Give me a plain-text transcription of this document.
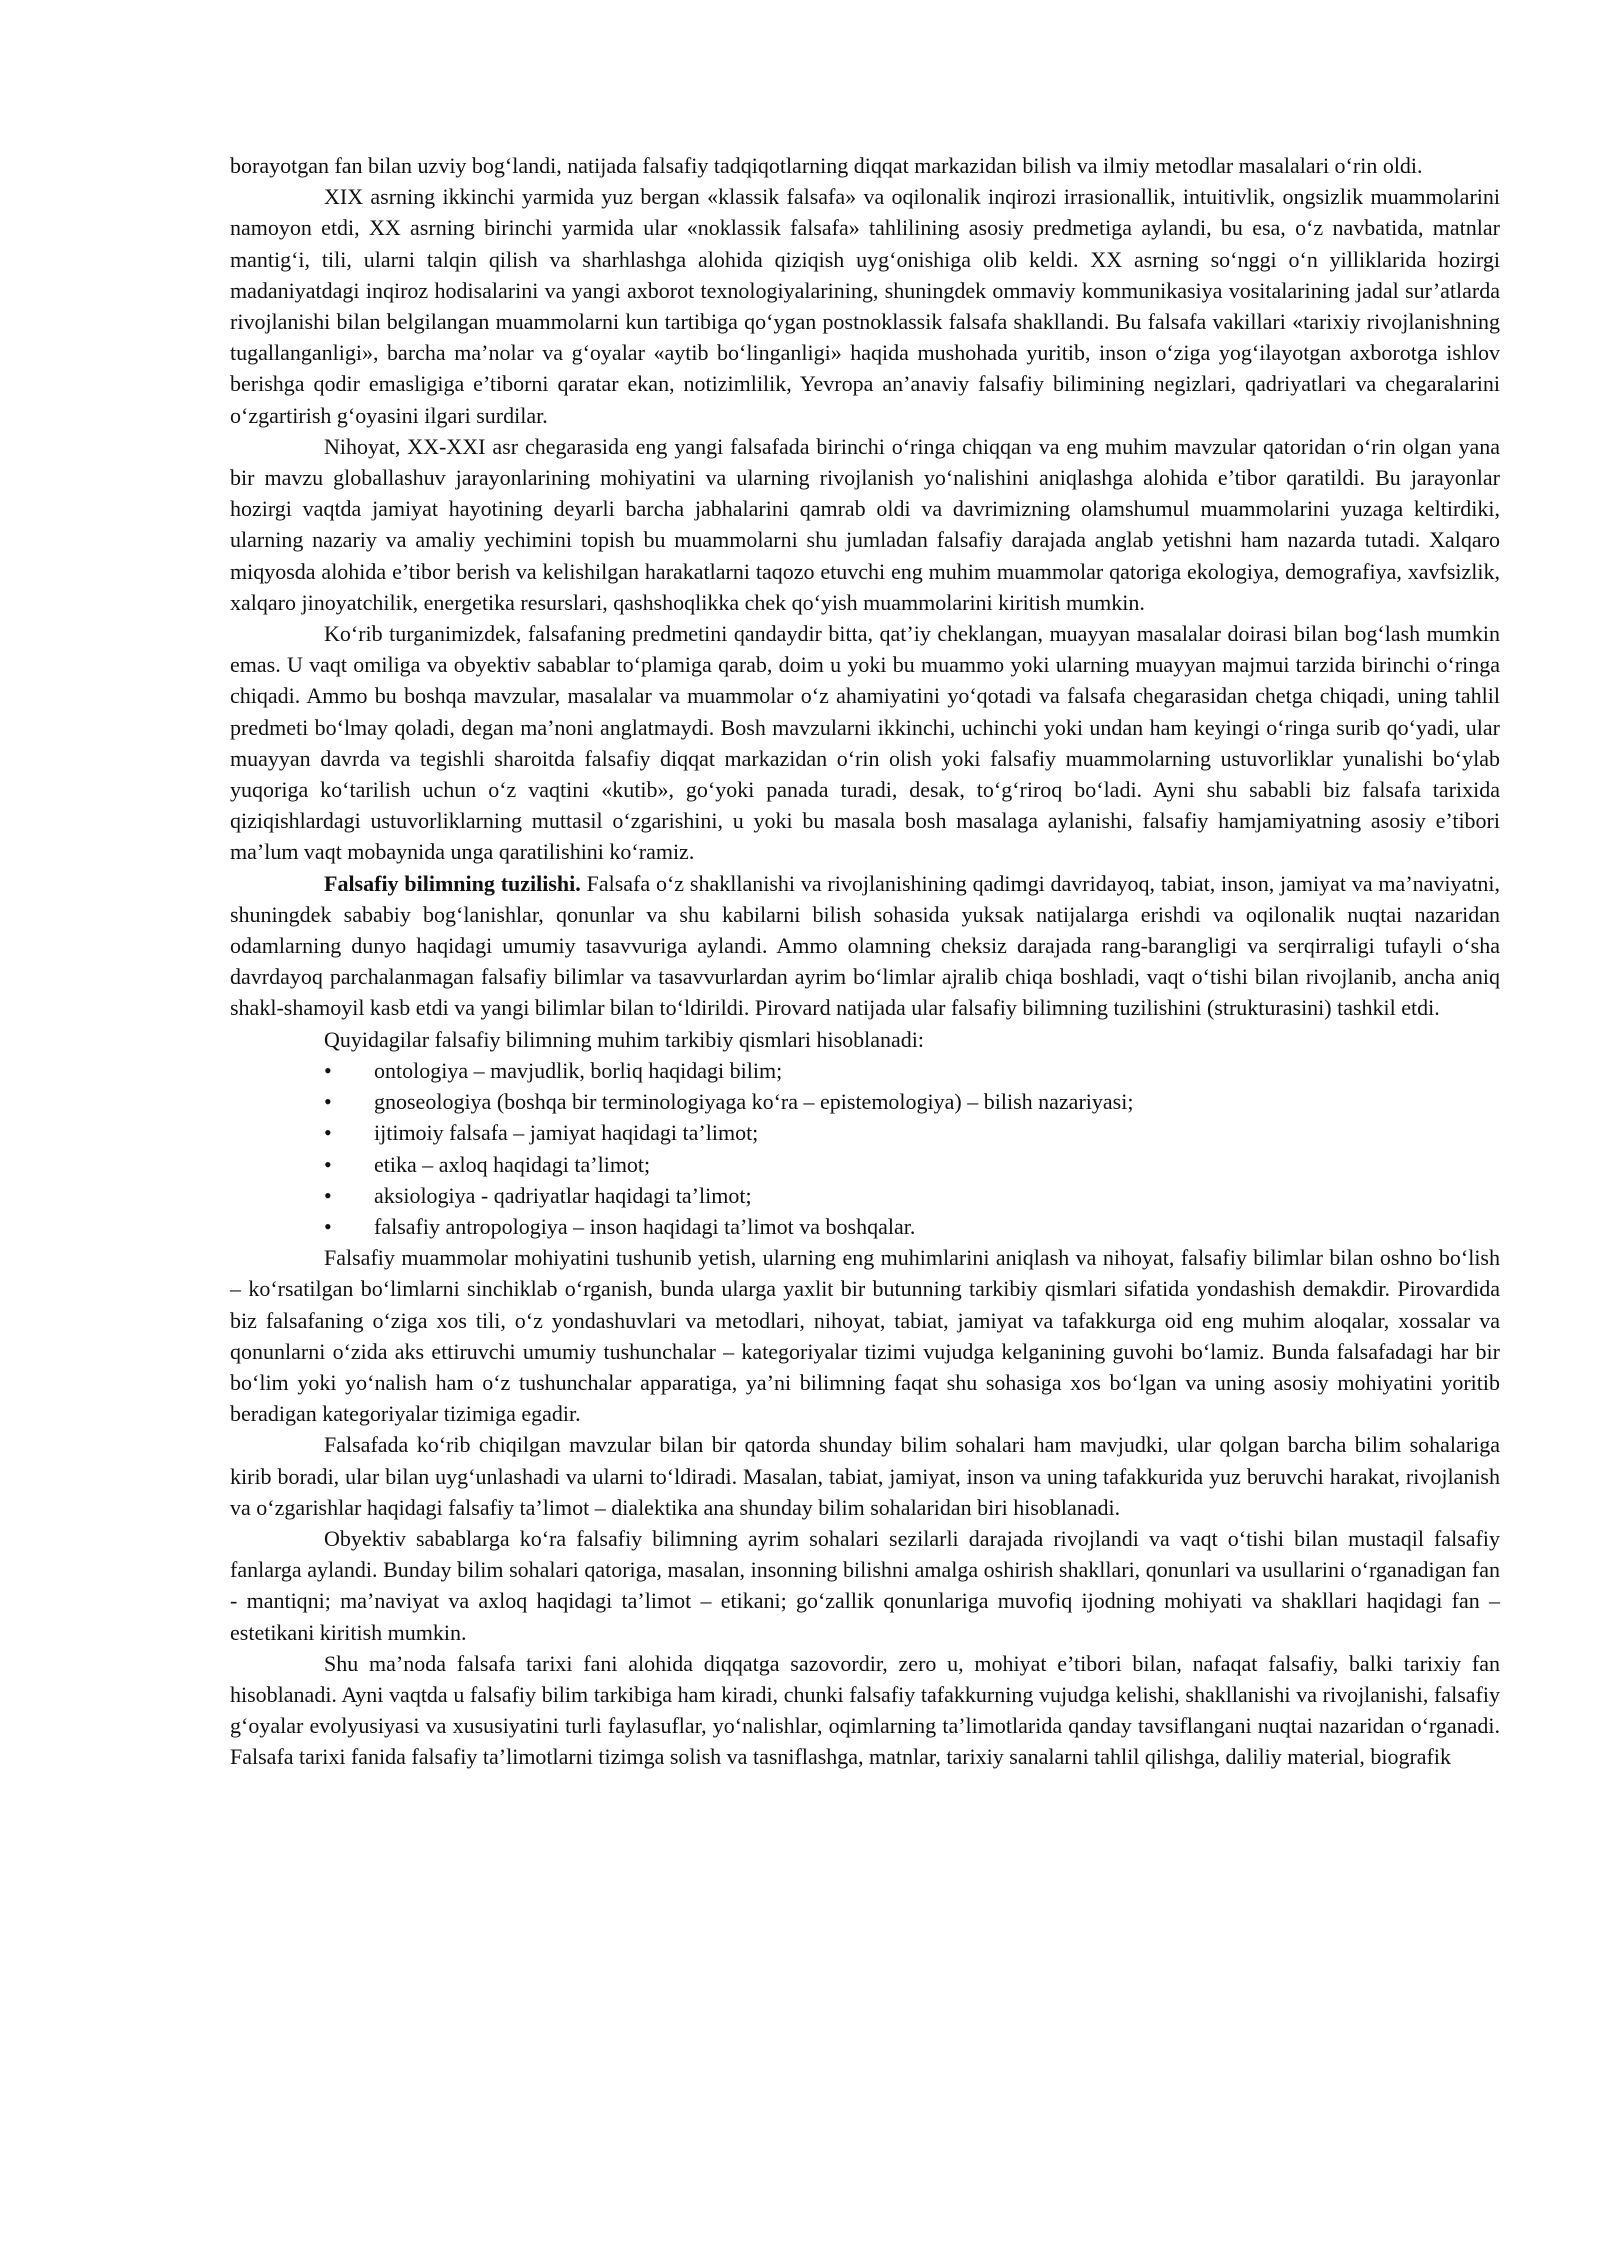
borayotgan fan bilan uzviy bog‘landi, natijada falsafiy tadqiqotlarning diqqat markazidan bilish va ilmiy metodlar masalalari o‘rin oldi.

XIX asrning ikkinchi yarmida yuz bergan «klassik falsafa» va oqilonalik inqirozi irrasionallik, intuitivlik, ongsizlik muammolarini namoyon etdi, XX asrning birinchi yarmida ular «noklassik falsafa» tahlilining asosiy predmetiga aylandi, bu esa, o‘z navbatida, matnlar mantig‘i, tili, ularni talqin qilish va sharhlashga alohida qiziqish uyg‘onishiga olib keldi. XX asrning so‘nggi o‘n yilliklarida hozirgi madaniyatdagi inqiroz hodisalarini va yangi axborot texnologiyalarining, shuningdek ommaviy kommunikasiya vositalarining jadal sur’atlarda rivojlanishi bilan belgilangan muammolarni kun tartibiga qo‘ygan postnoklassik falsafa shakllandi. Bu falsafa vakillari «tarixiy rivojlanishning tugallanganligi», barcha ma’nolar va g‘oyalar «aytib bo‘linganligi» haqida mushohada yuritib, inson o‘ziga yog‘ilayotgan axborotga ishlov berishga qodir emasligiga e’tiborni qaratar ekan, notizimlilik, Yevropa an’anaviy falsafiy bilimining negizlari, qadriyatlari va chegaralarini o‘zgartirish g‘oyasini ilgari surdilar.

Nihoyat, XX-XXI asr chegarasida eng yangi falsafada birinchi o‘ringa chiqqan va eng muhim mavzular qatoridan o‘rin olgan yana bir mavzu globallashuv jarayonlarining mohiyatini va ularning rivojlanish yo‘nalishini aniqlashga alohida e’tibor qaratildi. Bu jarayonlar hozirgi vaqtda jamiyat hayotining deyarli barcha jabhalarini qamrab oldi va davrimizning olamshumul muammolarini yuzaga keltirdiki, ularning nazariy va amaliy yechimini topish bu muammolarni shu jumladan falsafiy darajada anglab yetishni ham nazarda tutadi. Xalqaro miqyosda alohida e’tibor berish va kelishilgan harakatlarni taqozo etuvchi eng muhim muammolar qatoriga ekologiya, demografiya, xavfsizlik, xalqaro jinoyatchilik, energetika resurslari, qashshoqlikka chek qo‘yish muammolarini kiritish mumkin.

Ko‘rib turganimizdek, falsafaning predmetini qandaydir bitta, qat’iy cheklangan, muayyan masalalar doirasi bilan bog‘lash mumkin emas. U vaqt omiliga va obyektiv sabablar to‘plamiga qarab, doim u yoki bu muammo yoki ularning muayyan majmui tarzida birinchi o‘ringa chiqadi. Ammo bu boshqa mavzular, masalalar va muammolar o‘z ahamiyatini yo‘qotadi va falsafa chegarasidan chetga chiqadi, uning tahlil predmeti bo‘lmay qoladi, degan ma’noni anglatmaydi. Bosh mavzularni ikkinchi, uchinchi yoki undan ham keyingi o‘ringa surib qo‘yadi, ular muayyan davrda va tegishli sharoitda falsafiy diqqat markazidan o‘rin olish yoki falsafiy muammolarning ustuvorliklar yunalishi bo‘ylab yuqoriga ko‘tarilish uchun o‘z vaqtini «kutib», go‘yoki panada turadi, desak, to‘g‘riroq bo‘ladi. Ayni shu sababli biz falsafa tarixida qiziqishlardagi ustuvorliklarning muttasil o‘zgarishini, u yoki bu masala bosh masalaga aylanishi, falsafiy hamjamiyatning asosiy e’tibori ma’lum vaqt mobaynida unga qaratilishini ko‘ramiz.

Falsafiy bilimning tuzilishi. Falsafa o‘z shakllanishi va rivojlanishining qadimgi davridayoq, tabiat, inson, jamiyat va ma’naviyatni, shuningdek sababiy bog‘lanishlar, qonunlar va shu kabilarni bilish sohasida yuksak natijalarga erishdi va oqilonalik nuqtai nazaridan odamlarning dunyo haqidagi umumiy tasavvuriga aylandi. Ammo olamning cheksiz darajada rang-barangligi va serqirraligi tufayli o‘sha davrdayoq parchalanmagan falsafiy bilimlar va tasavvurlardan ayrim bo‘limlar ajralib chiqa boshladi, vaqt o‘tishi bilan rivojlanib, ancha aniq shakl-shamoyil kasb etdi va yangi bilimlar bilan to‘ldirildi. Pirovard natijada ular falsafiy bilimning tuzilishini (strukturasini) tashkil etdi.

Quyidagilar falsafiy bilimning muhim tarkibiy qismlari hisoblanadi:

• ontologiya – mavjudlik, borliq haqidagi bilim;
• gnoseologiya (boshqa bir terminologiyaga ko‘ra – epistemologiya) – bilish nazariyasi;
• ijtimoiy falsafa – jamiyat haqidagi ta’limot;
• etika – axloq haqidagi ta’limot;
• aksiologiya - qadriyatlar haqidagi ta’limot;
• falsafiy antropologiya – inson haqidagi ta’limot va boshqalar.

Falsafiy muammolar mohiyatini tushunib yetish, ularning eng muhimlarini aniqlash va nihoyat, falsafiy bilimlar bilan oshno bo‘lish – ko‘rsatilgan bo‘limlarni sinchiklab o‘rganish, bunda ularga yaxlit bir butunning tarkibiy qismlari sifatida yondashish demakdir. Pirovardida biz falsafaning o‘ziga xos tili, o‘z yondashuvlari va metodlari, nihoyat, tabiat, jamiyat va tafakkurga oid eng muhim aloqalar, xossalar va qonunlarni o‘zida aks ettiruvchi umumiy tushunchalar – kategoriyalar tizimi vujudga kelganining guvohi bo‘lamiz. Bunda falsafadagi har bir bo‘lim yoki yo‘nalish ham o‘z tushunchalar apparatiga, ya’ni bilimning faqat shu sohasiga xos bo‘lgan va uning asosiy mohiyatini yoritib beradigan kategoriyalar tizimiga egadir.

Falsafada ko‘rib chiqilgan mavzular bilan bir qatorda shunday bilim sohalari ham mavjudki, ular qolgan barcha bilim sohalariga kirib boradi, ular bilan uyg‘unlashadi va ularni to‘ldiradi. Masalan, tabiat, jamiyat, inson va uning tafakkurida yuz beruvchi harakat, rivojlanish va o‘zgarishlar haqidagi falsafiy ta’limot – dialektika ana shunday bilim sohalaridan biri hisoblanadi.

Obyektiv sabablarga ko‘ra falsafiy bilimning ayrim sohalari sezilarli darajada rivojlandi va vaqt o‘tishi bilan mustaqil falsafiy fanlarga aylandi. Bunday bilim sohalari qatoriga, masalan, insonning bilishni amalga oshirish shakllari, qonunlari va usullarini o‘rganadigan fan - mantiqni; ma’naviyat va axloq haqidagi ta’limot – etikani; go‘zallik qonunlariga muvofiq ijodning mohiyati va shakllari haqidagi fan – estetikani kiritish mumkin.

Shu ma’noda falsafa tarixi fani alohida diqqatga sazovordir, zero u, mohiyat e’tibori bilan, nafaqat falsafiy, balki tarixiy fan hisoblanadi. Ayni vaqtda u falsafiy bilim tarkibiga ham kiradi, chunki falsafiy tafakkurning vujudga kelishi, shakllanishi va rivojlanishi, falsafiy g‘oyalar evolyusiyasi va xususiyatini turli faylasuflar, yo‘nalishlar, oqimlarning ta’limotlarida qanday tavsiflangani nuqtai nazaridan o‘rganadi. Falsafa tarixi fanida falsafiy ta’limotlarni tizimga solish va tasniflashga, matnlar, tarixiy sanalarni tahlil qilishga, daliliy material, biografik
